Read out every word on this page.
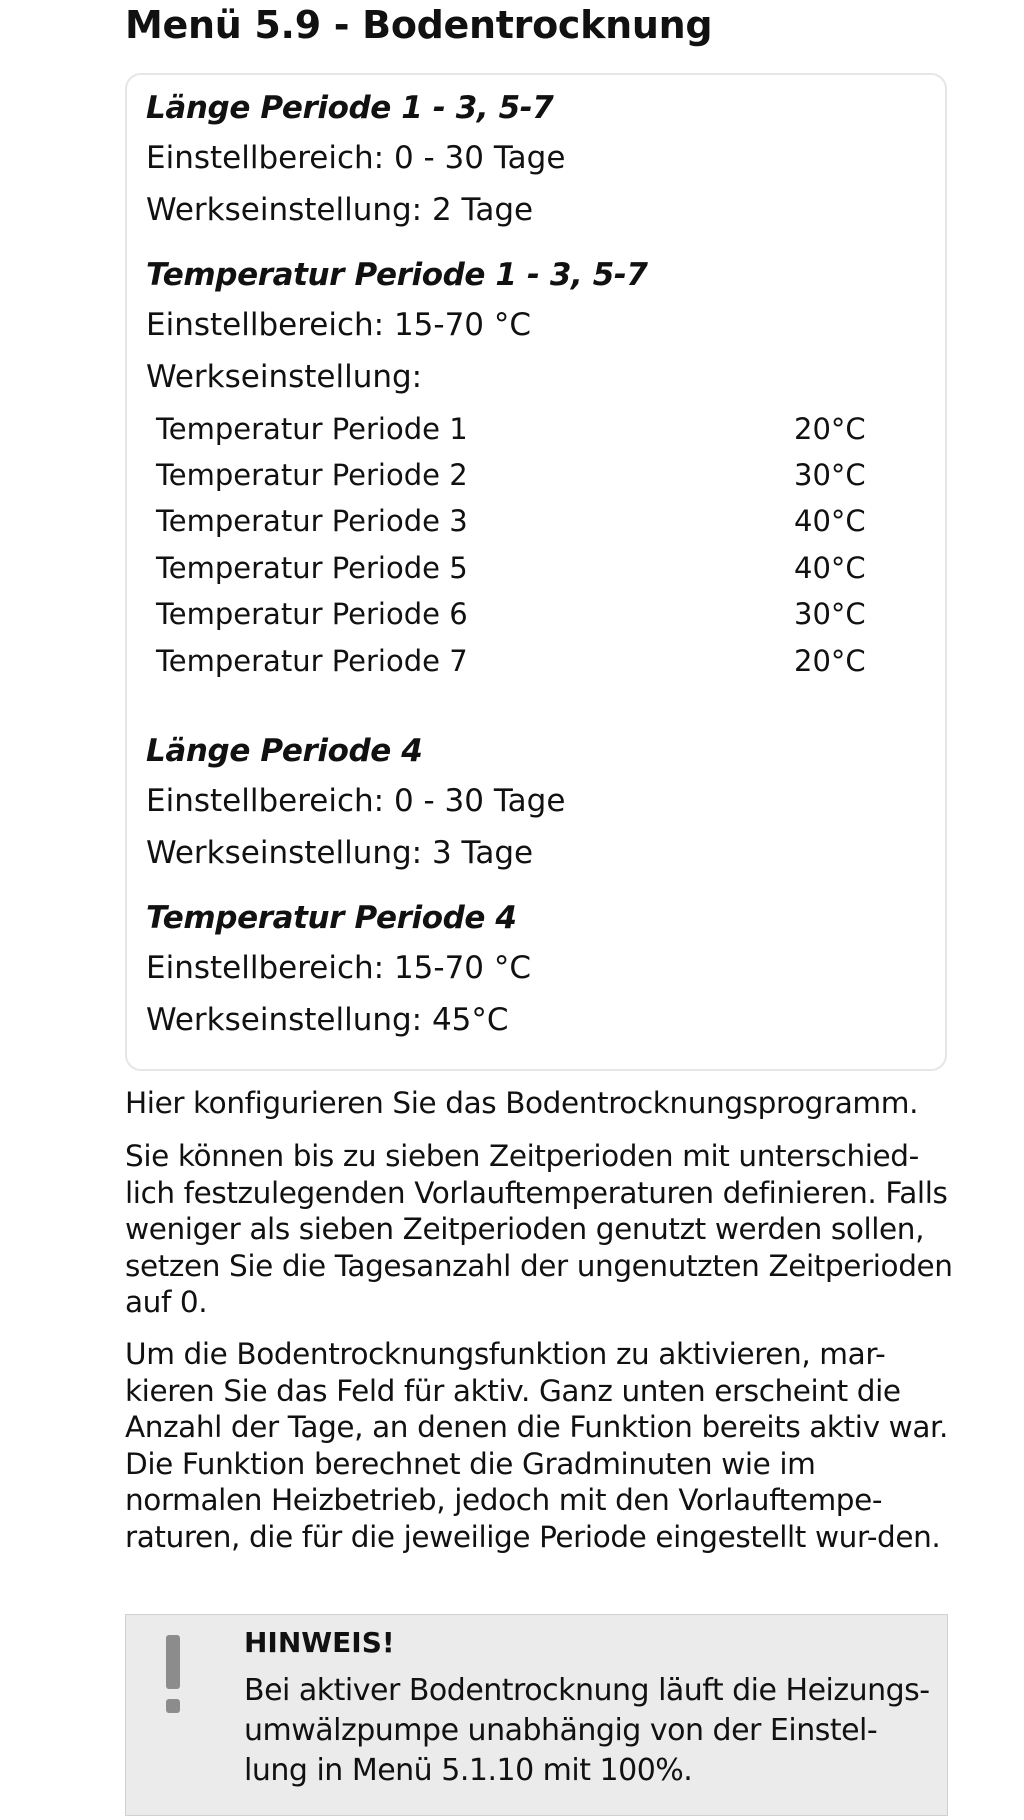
Menü 5.9 - Bodentrocknung
Länge Periode 1 - 3, 5-7
Einstellbereich: 0 - 30 Tage
Werkseinstellung: 2 Tage
Temperatur Periode 1 - 3, 5-7
Einstellbereich: 15-70 °C
Werkseinstellung:
Temperatur Periode 1	20°C
Temperatur Periode 2	30°C
Temperatur Periode 3	40°C
Temperatur Periode 5	40°C
Temperatur Periode 6	30°C
Temperatur Periode 7	20°C
Länge Periode 4
Einstellbereich: 0 - 30 Tage
Werkseinstellung: 3 Tage
Temperatur Periode 4
Einstellbereich: 15-70 °C
Werkseinstellung: 45°C

Hier konfigurieren Sie das Bodentrocknungsprogramm.

Sie können bis zu sieben Zeitperioden mit unterschied-lich festzulegenden Vorlauftemperaturen definieren. Falls weniger als sieben Zeitperioden genutzt werden sollen, setzen Sie die Tagesanzahl der ungenutzten Zeitperioden auf 0.

Um die Bodentrocknungsfunktion zu aktivieren, mar-kieren Sie das Feld für aktiv. Ganz unten erscheint die Anzahl der Tage, an denen die Funktion bereits aktiv war. Die Funktion berechnet die Gradminuten wie im normalen Heizbetrieb, jedoch mit den Vorlauftempe-raturen, die für die jeweilige Periode eingestellt wur-den.

HINWEIS!

Bei aktiver Bodentrocknung läuft die Heizungs-umwälzpumpe unabhängig von der Einstel-lung in Menü 5.1.10 mit 100%.
